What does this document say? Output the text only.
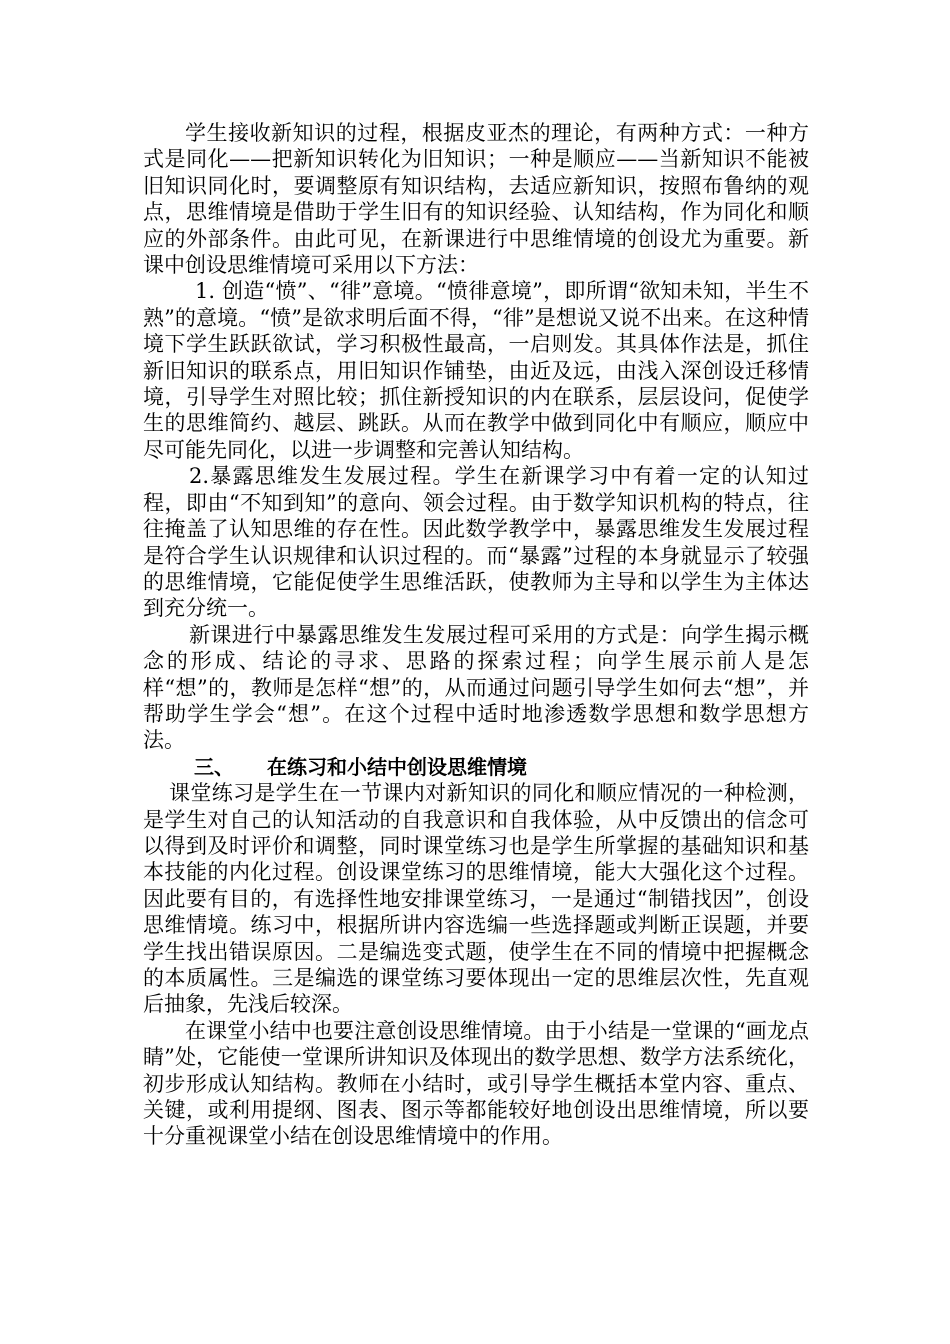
学生接收新知识的过程，根据皮亚杰的理论，有两种方式：一种方式是同化——把新知识转化为旧知识；一种是顺应——当新知识不能被旧知识同化时，要调整原有知识结构，去适应新知识，按照布鲁纳的观点，思维情境是借助于学生旧有的知识经验、认知结构，作为同化和顺应的外部条件。由此可见，在新课进行中思维情境的创设尤为重要。新课中创设思维情境可采用以下方法：

1. 创造“愤”、“徘”意境。“愤徘意境”，即所谓“欲知未知，半生不熟”的意境。“愤”是欲求明后面不得，“徘”是想说又说不出来。在这种情境下学生跃跃欲试，学习积极性最高，一启则发。其具体作法是，抓住新旧知识的联系点，用旧知识作铺垫，由近及远，由浅入深创设迁移情境，引导学生对照比较；抓住新授知识的内在联系，层层设问，促使学生的思维简约、越层、跳跃。从而在教学中做到同化中有顺应，顺应中尽可能先同化，以进一步调整和完善认知结构。

2.暴露思维发生发展过程。学生在新课学习中有着一定的认知过程，即由“不知到知”的意向、领会过程。由于数学知识机构的特点，往往掩盖了认知思维的存在性。因此数学教学中，暴露思维发生发展过程是符合学生认识规律和认识过程的。而“暴露”过程的本身就显示了较强的思维情境，它能促使学生思维活跃，使教师为主导和以学生为主体达到充分统一。

新课进行中暴露思维发生发展过程可采用的方式是：向学生揭示概念的形成、结论的寻求、思路的探索过程；向学生展示前人是怎样“想”的，教师是怎样“想”的，从而通过问题引导学生如何去“想”，并帮助学生学会“想”。在这个过程中适时地渗透数学思想和数学思想方法。

三、 在练习和小结中创设思维情境

课堂练习是学生在一节课内对新知识的同化和顺应情况的一种检测，是学生对自己的认知活动的自我意识和自我体验，从中反馈出的信念可以得到及时评价和调整，同时课堂练习也是学生所掌握的基础知识和基本技能的内化过程。创设课堂练习的思维情境，能大大强化这个过程。因此要有目的，有选择性地安排课堂练习，一是通过“制错找因”，创设思维情境。练习中，根据所讲内容选编一些选择题或判断正误题，并要学生找出错误原因。二是编选变式题，使学生在不同的情境中把握概念的本质属性。三是编选的课堂练习要体现出一定的思维层次性，先直观后抽象，先浅后较深。

在课堂小结中也要注意创设思维情境。由于小结是一堂课的“画龙点睛”处，它能使一堂课所讲知识及体现出的数学思想、数学方法系统化，初步形成认知结构。教师在小结时，或引导学生概括本堂内容、重点、关键，或利用提纲、图表、图示等都能较好地创设出思维情境，所以要十分重视课堂小结在创设思维情境中的作用。
